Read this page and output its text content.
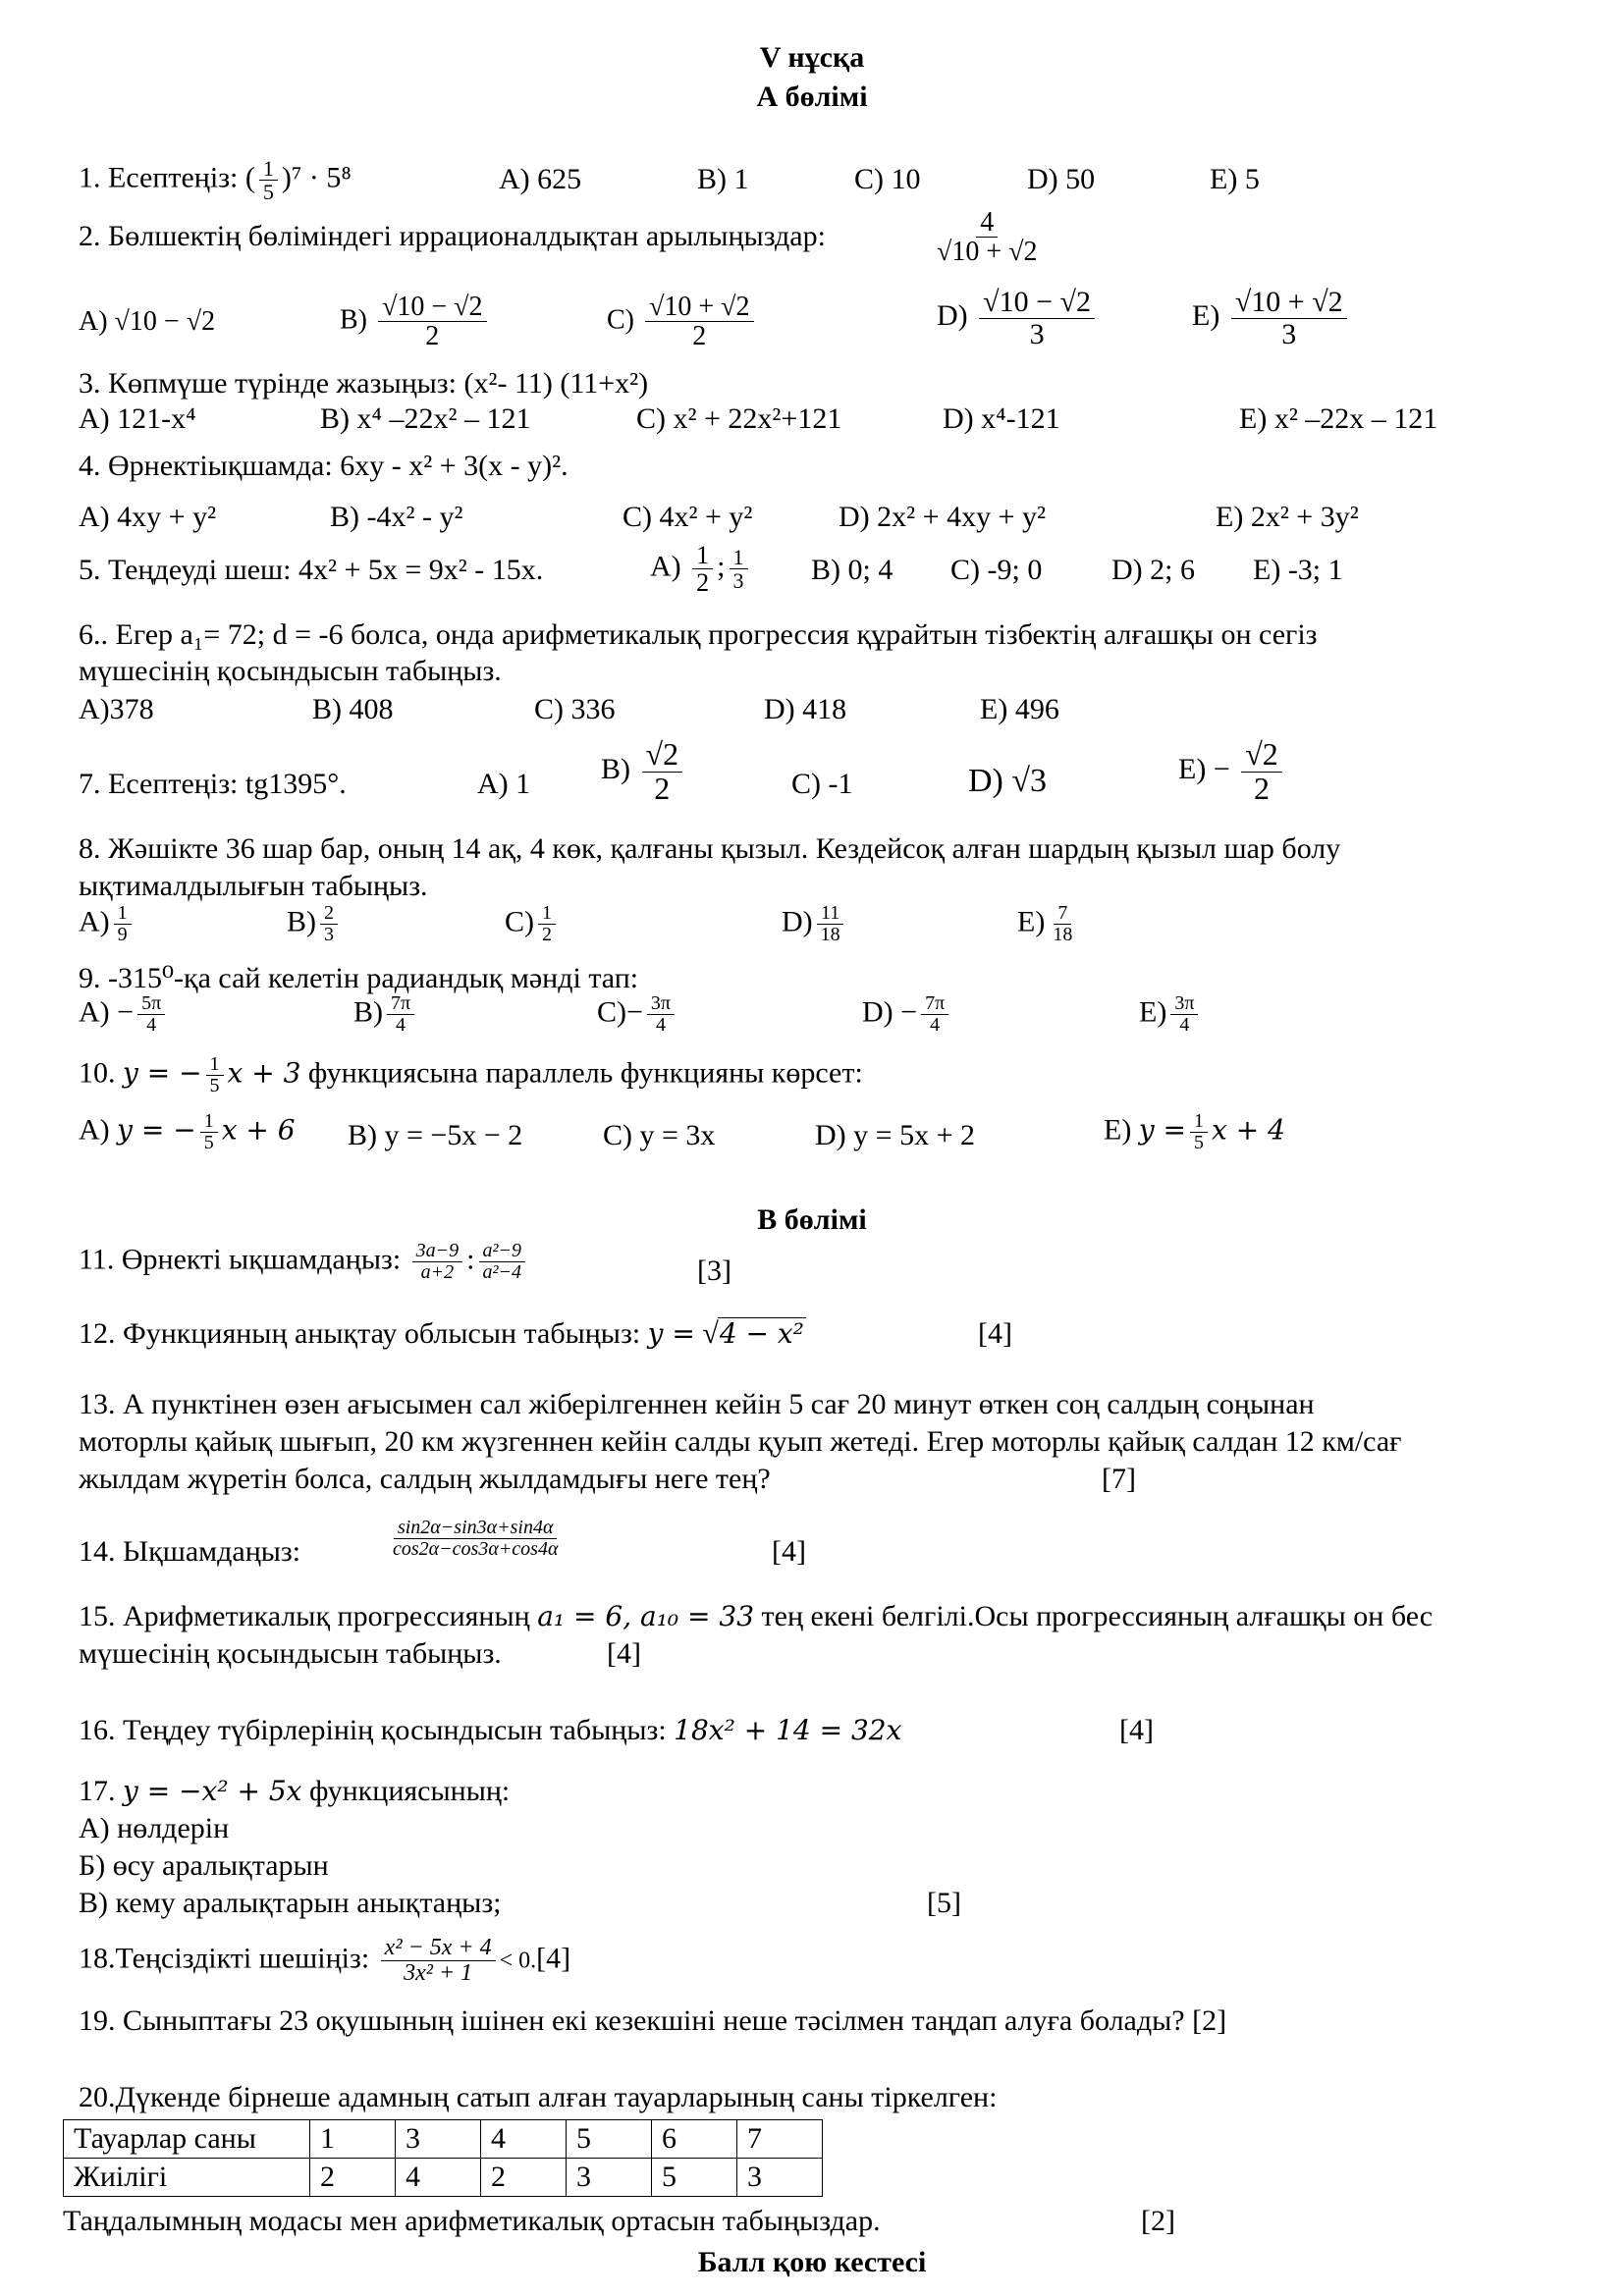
V нұсқа
А бөлімі
1. Есептеңіз: ( $\frac{1}{5} )^7 \cdot 5^8$	A) 625	B) 1	C) 10	D) 50	E) 5
2. Бөлшектің бөліміндегі иррационалдықтан арылыңыздар:	$\frac{4}{√10 + √2}$
A) √10 − √2	$B) \frac{√10 - √2}{2}$	$C) \frac{√10 + √2}{2}$	$D) \frac{√10 - √2}{3}$	$E) \frac{√10 + √2}{3}$
3. Көпмүше түрінде жазыңыз: (x²- 11) (11+x²)
A) 121-x⁴	B) x⁴ –22x² – 121	C) x² + 22x²+121	D) x⁴-121	E) x² –22x – 121
4. Өрнектіықшамда: 6xy - x² + 3(x - y)².
A) 4xy + y²	B) -4x² - y²	C) 4x² + y²	D) 2x² + 4xy + y²	E) 2x² + 3y²
5. Теңдеуді шеш: 4x² + 5x = 9x² - 15x.	$A) \frac{1}{2}$ ; $\frac{1}{3} B$) 0; 4 C) -9; 0 D) 2; 6 E) -3; 1
6.. Егер a₁= 72; d = -6 болса, онда арифметикалық прогрессия құрайтын тізбектің алғашқы он сегіз
мүшесінің қосындысын табыңыз.
A)378	B) 408	C) 336	D) 418	E) 496
7. Есептеңіз: tg1395°.	A) 1 $B) \frac{√2}{2}$	C) -1	D) √3	$E) - \frac{√2}{2}$
8. Жәшікте 36 шар бар, оның 14 ақ, 4 көк, қалғаны қызыл. Кездейсоқ алған шардың қызыл шар болу
ықтималдылығын табыңыз.
$A) \frac{1}{9}$	$B) \frac{2}{3}$	$C) \frac{1}{2}$	$D) \frac{11}{18}$	$E) \frac{7}{18}$
9. -315⁰-қа сай келетін радиандық мәнді тап:
$A) - \frac{5\pi}{4}$	$B) \frac{7\pi}{4}$	$C)- \frac{3\pi}{4}$	$D) - \frac{7\pi}{4}$	$E) \frac{3\pi}{4}$
10. y = − $\frac{1}{5}$ x + 3 функциясына параллель функцияны көрсет:
A) y = − $\frac{1}{5}$ x + 6 B) y = −5x − 2	C) y = 3x	D) y = 5x + 2	E) $y = \frac{1}{5}$ x + 4
В бөлімі
11. Өрнекті ықшамдаңыз: $\frac{3a-9}{a+2}$ : $\frac{\text{a²−9}}{\text{a²−4}}$	[3]
12. Функцияның анықтау облысын табыңыз: y = √4 − x²	[4]
13. А пунктінен өзен ағысымен сал жіберілгеннен кейін 5 сағ 20 минут өткен соң салдың соңынан
моторлы қайық шығып, 20 км жүзгеннен кейін салды қуып жетеді. Егер моторлы қайық салдан 12 км/сағ
жылдам жүретін болса, салдың жылдамдығы неге тең?	[7]
14. Ықшамдаңыз:	$\frac{\sin 2\alpha-\sin 3\alpha+\sin 4\alpha}{\cos 2\alpha-\cos 3\alpha+\cos 4\alpha}$	[4]
15. Арифметикалық прогрессияның a₁ = 6, a₁₀ = 33 тең екені белгілі.Осы прогрессияның алғашқы он бес
мүшесінің қосындысын табыңыз.	[4]
16. Теңдеу түбірлерінің қосындысын табыңыз: 18x² + 14 = 32x	[4]
17. y = −x² + 5x функциясының:
А) нөлдерін
Б) өсу аралықтарын
В) кему аралықтарын анықтаңыз;	[5]
18.Теңсіздікті шешіңіз: $\frac{\text{x² − 5x + 4}}{\text{3x² + 1}} < 0.[4]$
19. Сыныптағы 23 оқушының ішінен екі кезекшіні неше тәсілмен таңдап алуға болады? [2]
20.Дүкенде бірнеше адамның сатып алған тауарларының саны тіркелген:
Тауарлар саны	1	3	4	5	6	7
Жиілігі	2	4	2	3	5	3
Таңдалымның модасы мен арифметикалық ортасын табыңыздар.	[2]
Балл қою кестесі
